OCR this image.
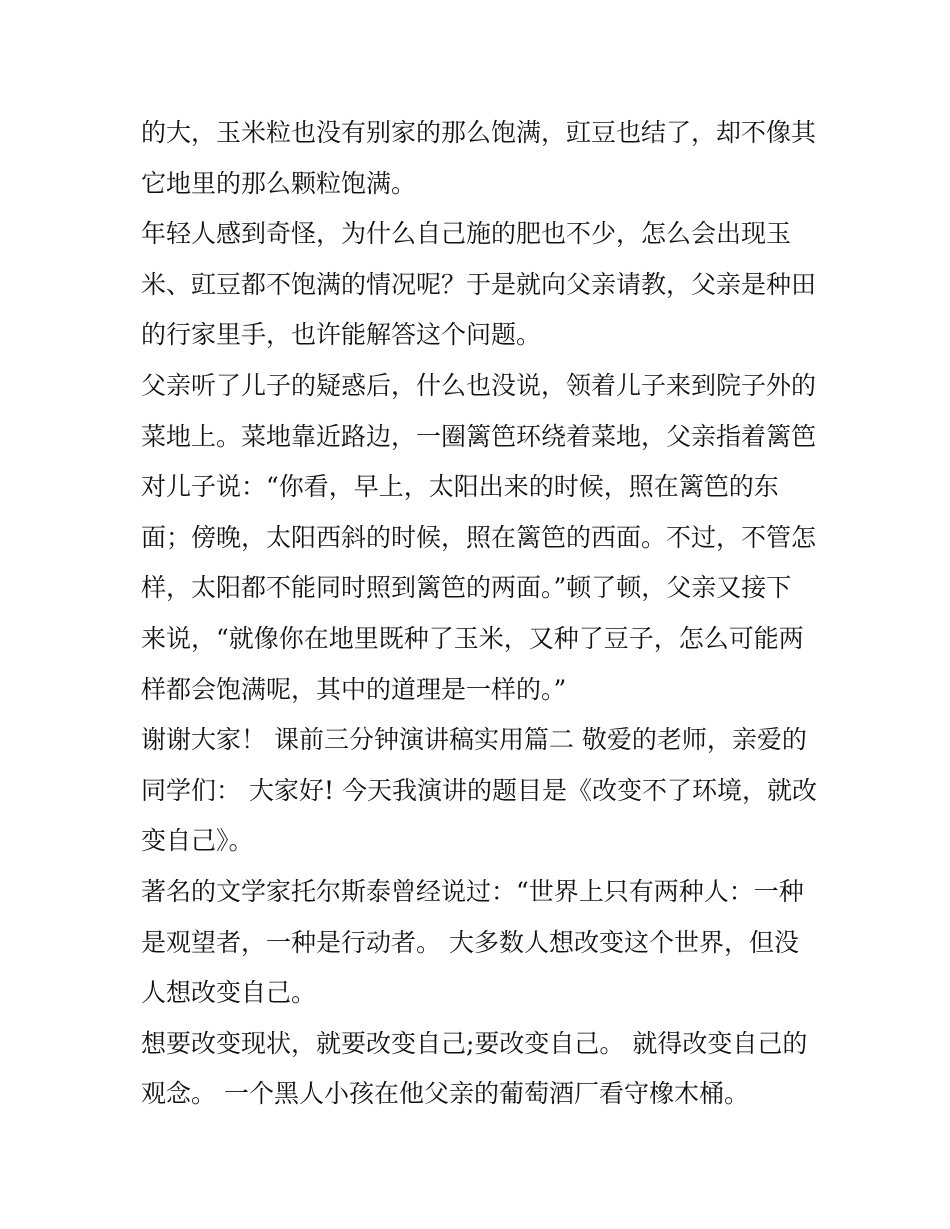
的大，玉米粒也没有别家的那么饱满，豇豆也结了，却不像其
它地里的那么颗粒饱满。

年轻人感到奇怪，为什么自己施的肥也不少，怎么会出现玉
米、豇豆都不饱满的情况呢？于是就向父亲请教，父亲是种田
的行家里手，也许能解答这个问题。

父亲听了儿子的疑惑后，什么也没说，领着儿子来到院子外的
菜地上。菜地靠近路边，一圈篱笆环绕着菜地，父亲指着篱笆
对儿子说：“你看，早上，太阳出来的时候，照在篱笆的东
面；傍晚，太阳西斜的时候，照在篱笆的西面。不过，不管怎
样，太阳都不能同时照到篱笆的两面。”顿了顿，父亲又接下
来说，“就像你在地里既种了玉米，又种了豆子，怎么可能两
样都会饱满呢，其中的道理是一样的。”

谢谢大家！ 课前三分钟演讲稿实用篇二 敬爱的老师，亲爱的
同学们： 大家好! 今天我演讲的题目是《改变不了环境，就改
变自己》。

著名的文学家托尔斯泰曾经说过：“世界上只有两种人：一种
是观望者，一种是行动者。 大多数人想改变这个世界，但没
人想改变自己。

想要改变现状，就要改变自己;要改变自己。 就得改变自己的
观念。 一个黑人小孩在他父亲的葡萄酒厂看守橡木桶。
